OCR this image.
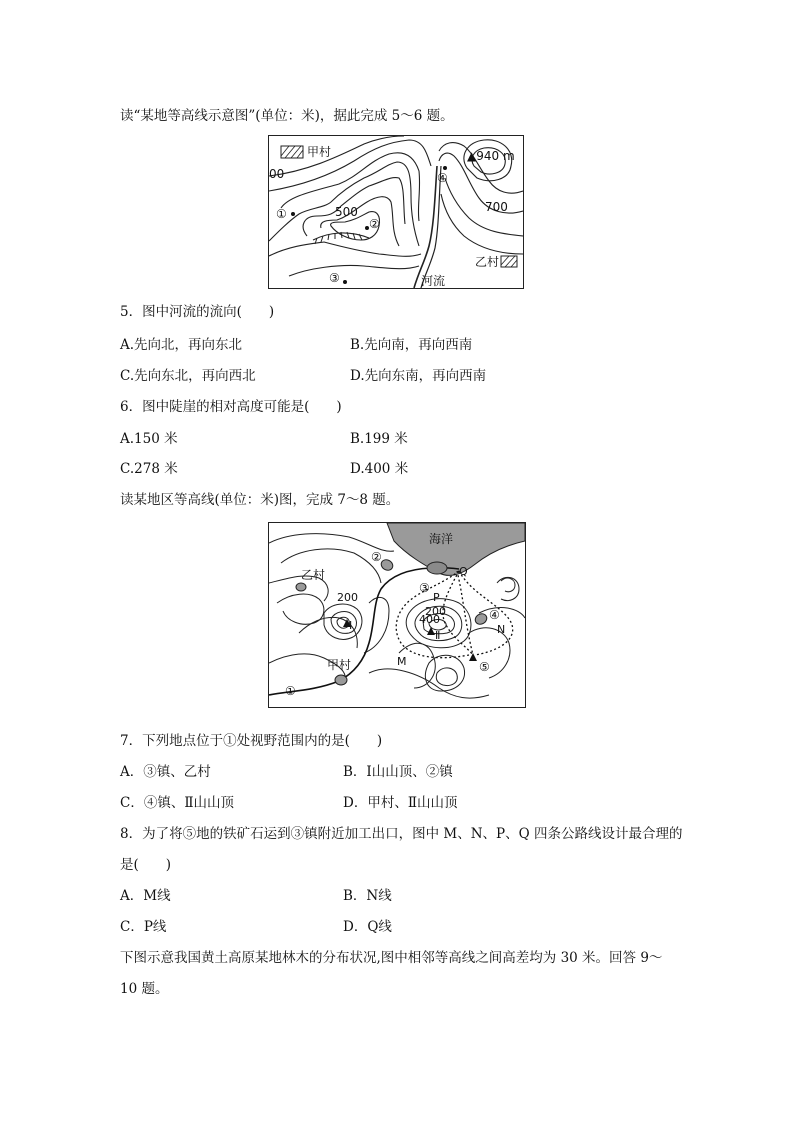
读“某地等高线示意图”(单位：米)，据此完成 5～6 题。
甲村
00
▲940 m
④
700
①	500
②
③
乙村
河流
5．图中河流的流向(　　)
A.先向北，再向东北	B.先向南，再向西南
C.先向东北，再向西北	D.先向东南，再向西南
6．图中陡崖的相对高度可能是(　　)
A.150 米	B.199 米
C.278 米	D.400 米
读某地区等高线(单位：米)图，完成 7～8 题。
海洋
②
Q
乙村
200
③
P
200
400	④
N
Ⅰ
Ⅱ
M	⑤
甲村
①
7．下列地点位于①处视野范围内的是(　　)
A．③镇、乙村	B．Ⅰ山山顶、②镇
C．④镇、Ⅱ山山顶	D．甲村、Ⅱ山山顶
8．为了将⑤地的铁矿石运到③镇附近加工出口，图中 M、N、P、Q 四条公路线设计最合理的
是(　　)
A．M线	B．N线
C．P线	D．Q线
下图示意我国黄土高原某地林木的分布状况,图中相邻等高线之间高差均为 30 米。回答 9～
10 题。
